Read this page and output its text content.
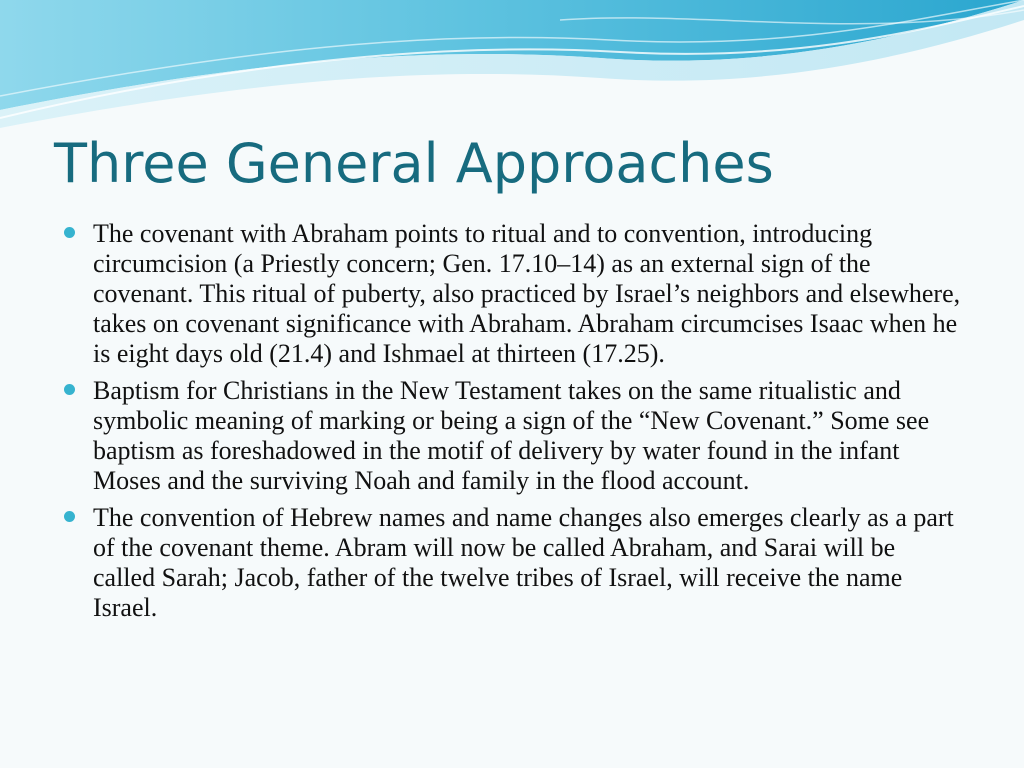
Three General Approaches
The covenant with Abraham points to ritual and to convention, introducing circumcision (a Priestly concern; Gen. 17.10–14) as an external sign of the covenant. This ritual of puberty, also practiced by Israel’s neighbors and elsewhere, takes on covenant significance with Abraham. Abraham circumcises Isaac when he is eight days old (21.4) and Ishmael at thirteen (17.25).
Baptism for Christians in the New Testament takes on the same ritualistic and symbolic meaning of marking or being a sign of the “New Covenant.” Some see baptism as foreshadowed in the motif of delivery by water found in the infant Moses and the surviving Noah and family in the flood account.
The convention of Hebrew names and name changes also emerges clearly as a part of the covenant theme. Abram will now be called Abraham, and Sarai will be called Sarah; Jacob, father of the twelve tribes of Israel, will receive the name Israel.
